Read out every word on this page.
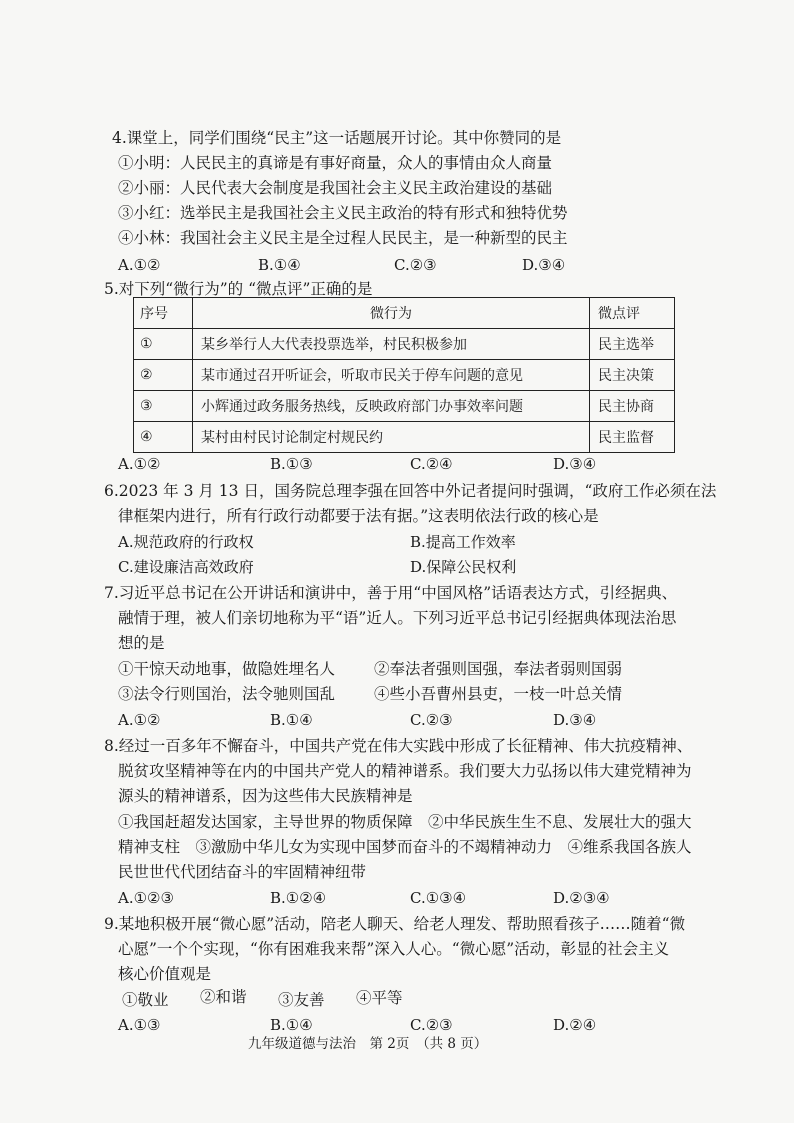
4.课堂上，同学们围绕“民主”这一话题展开讨论。其中你赞同的是
①小明：人民民主的真谛是有事好商量，众人的事情由众人商量
②小丽：人民代表大会制度是我国社会主义民主政治建设的基础
③小红：选举民主是我国社会主义民主政治的特有形式和独特优势
④小林：我国社会主义民主是全过程人民民主，是一种新型的民主
A.①②	B.①④	C.②③	D.③④
5.对下列“微行为”的 “微点评”正确的是
序号	微行为	微点评
①	某乡举行人大代表投票选举，村民积极参加	民主选举
②	某市通过召开听证会，听取市民关于停车问题的意见	民主决策
③	小辉通过政务服务热线，反映政府部门办事效率问题	民主协商
④	某村由村民讨论制定村规民约	民主监督
A.①②	B.①③	C.②④	D.③④
6.2023 年 3 月 13 日，国务院总理李强在回答中外记者提问时强调，“政府工作必须在法
律框架内进行，所有行政行动都要于法有据。”这表明依法行政的核心是
A.规范政府的行政权	B.提高工作效率
C.建设廉洁高效政府	D.保障公民权利
7.习近平总书记在公开讲话和演讲中，善于用“中国风格”话语表达方式，引经据典、
融情于理，被人们亲切地称为平“语”近人。下列习近平总书记引经据典体现法治思
想的是
①干惊天动地事，做隐姓埋名人	②奉法者强则国强，奉法者弱则国弱
③法令行则国治，法令驰则国乱	④些小吾曹州县吏，一枝一叶总关情
A.①②	B.①④	C.②③	D.③④
8.经过一百多年不懈奋斗，中国共产党在伟大实践中形成了长征精神、伟大抗疫精神、
脱贫攻坚精神等在内的中国共产党人的精神谱系。我们要大力弘扬以伟大建党精神为
源头的精神谱系，因为这些伟大民族精神是
①我国赶超发达国家，主导世界的物质保障　②中华民族生生不息、发展壮大的强大
精神支柱　③激励中华儿女为实现中国梦而奋斗的不竭精神动力　④维系我国各族人
民世世代代团结奋斗的牢固精神纽带
A.①②③	B.①②④	C.①③④	D.②③④
9.某地积极开展“微心愿”活动，陪老人聊天、给老人理发、帮助照看孩子……随着“微
心愿”一个个实现，“你有困难我来帮”深入人心。“微心愿”活动，彰显的社会主义
核心价值观是
①敬业 ②和谐 ③友善 ④平等
A.①③	B.①④	C.②③	D.②④
九年级道德与法治　第 2页　（共 8 页）
